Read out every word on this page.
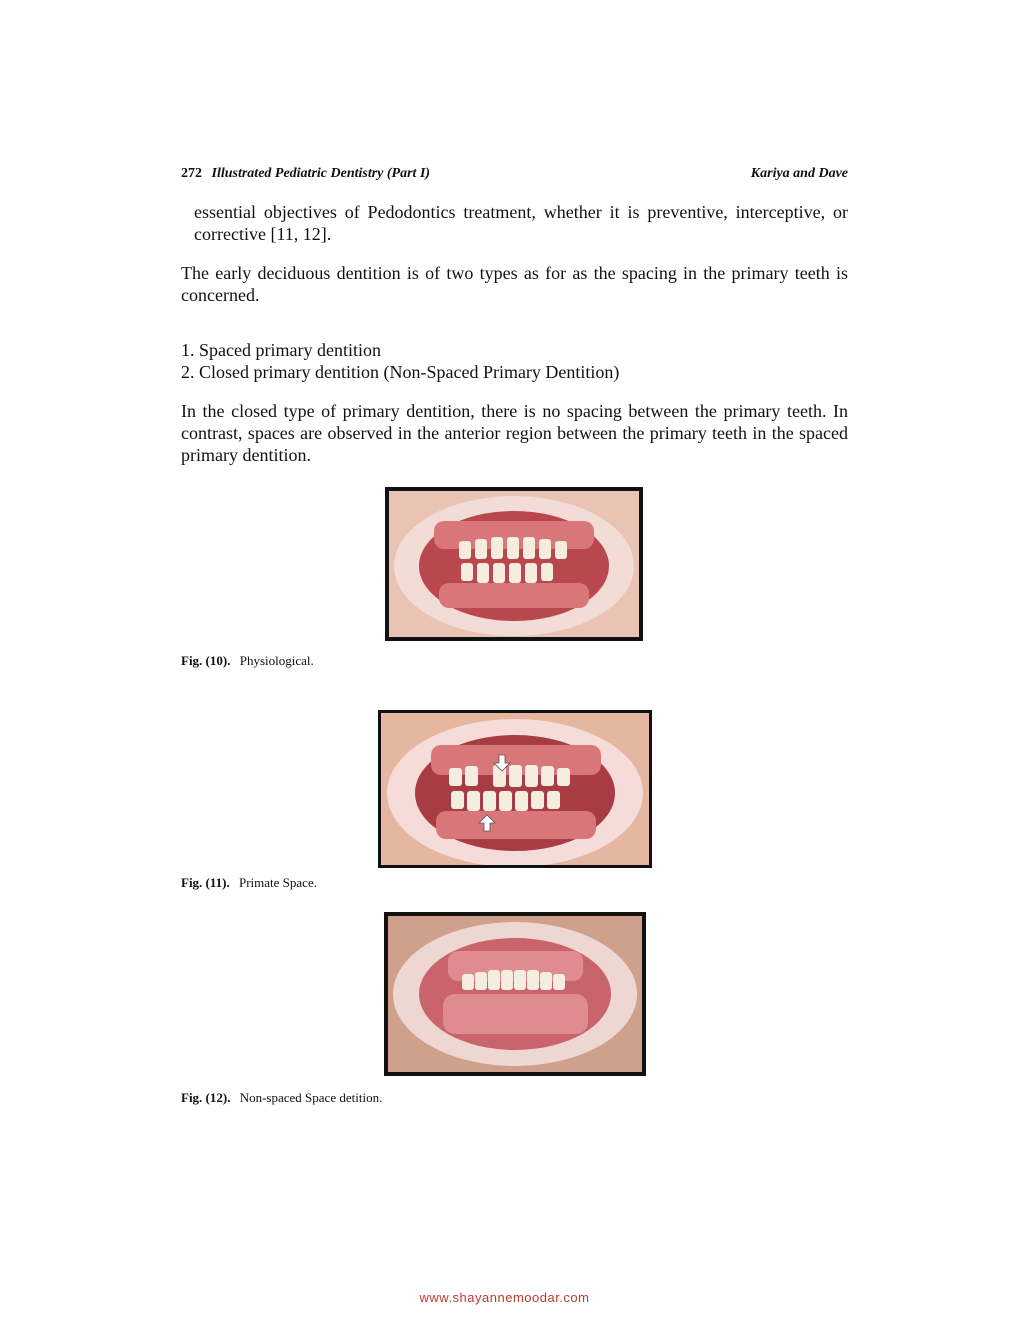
272 Illustrated Pediatric Dentistry (Part I)	Kariya and Dave

essential objectives of Pedodontics treatment, whether it is preventive, interceptive, or corrective [11, 12].

The early deciduous dentition is of two types as for as the spacing in the primary teeth is concerned.

1. Spaced primary dentition
2. Closed primary dentition (Non-Spaced Primary Dentition)

In the closed type of primary dentition, there is no spacing between the primary teeth. In contrast, spaces are observed in the anterior region between the primary teeth in the spaced primary dentition.

Fig. (10). Physiological.
Fig. (11). Primate Space.
Fig. (12). Non-spaced Space detition.
www.shayannemoodar.com
